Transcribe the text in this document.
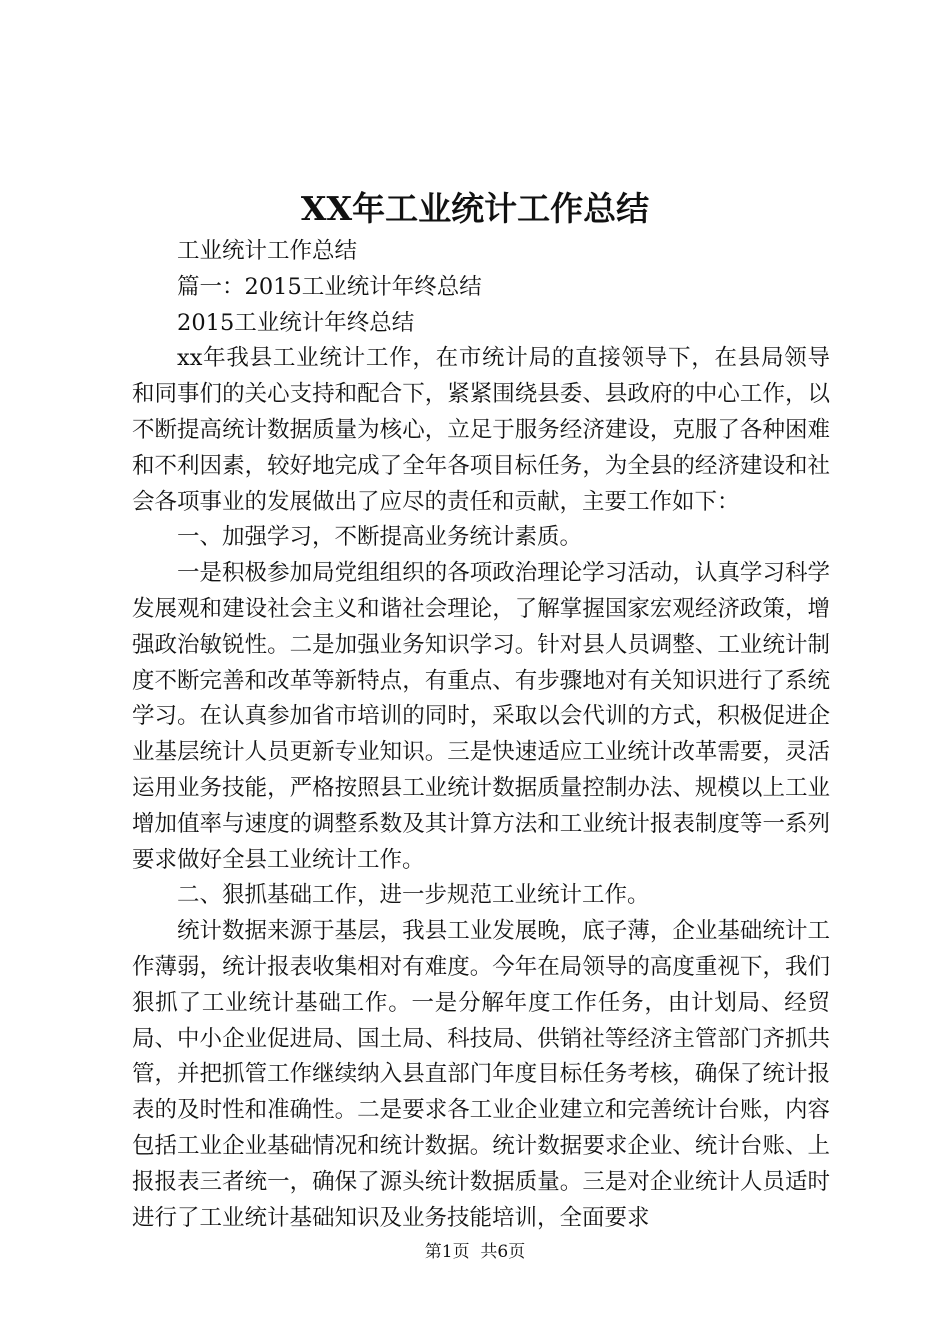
XX年工业统计工作总结

工业统计工作总结

篇一：2015工业统计年终总结

2015工业统计年终总结

xx年我县工业统计工作，在市统计局的直接领导下，在县局领导和同事们的关心支持和配合下，紧紧围绕县委、县政府的中心工作，以不断提高统计数据质量为核心，立足于服务经济建设，克服了各种困难和不利因素，较好地完成了全年各项目标任务，为全县的经济建设和社会各项事业的发展做出了应尽的责任和贡献，主要工作如下：

一、加强学习，不断提高业务统计素质。

一是积极参加局党组组织的各项政治理论学习活动，认真学习科学发展观和建设社会主义和谐社会理论，了解掌握国家宏观经济政策，增强政治敏锐性。二是加强业务知识学习。针对县人员调整、工业统计制度不断完善和改革等新特点，有重点、有步骤地对有关知识进行了系统学习。在认真参加省市培训的同时，采取以会代训的方式，积极促进企业基层统计人员更新专业知识。三是快速适应工业统计改革需要，灵活运用业务技能，严格按照县工业统计数据质量控制办法、规模以上工业增加值率与速度的调整系数及其计算方法和工业统计报表制度等一系列要求做好全县工业统计工作。

二、狠抓基础工作，进一步规范工业统计工作。

统计数据来源于基层，我县工业发展晚，底子薄，企业基础统计工作薄弱，统计报表收集相对有难度。今年在局领导的高度重视下，我们狠抓了工业统计基础工作。一是分解年度工作任务，由计划局、经贸局、中小企业促进局、国土局、科技局、供销社等经济主管部门齐抓共管，并把抓管工作继续纳入县直部门年度目标任务考核，确保了统计报表的及时性和准确性。二是要求各工业企业建立和完善统计台账，内容包括工业企业基础情况和统计数据。统计数据要求企业、统计台账、上报报表三者统一，确保了源头统计数据质量。三是对企业统计人员适时进行了工业统计基础知识及业务技能培训，全面要求

第1页  共6页
